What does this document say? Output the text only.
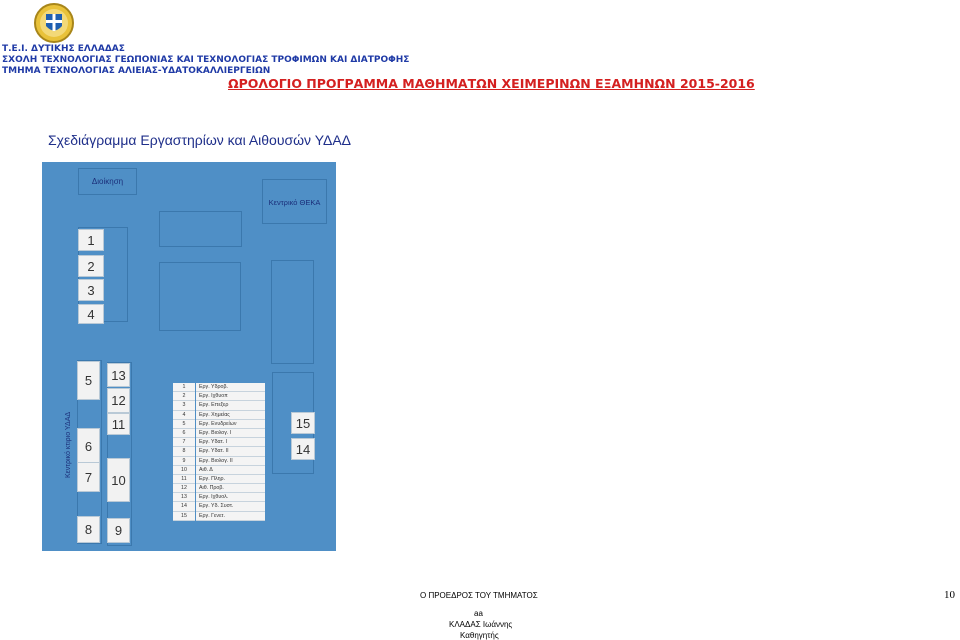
Τ.Ε.Ι. ΔΥΤΙΚΗΣ ΕΛΛΑΔΑΣ
ΣΧΟΛΗ ΤΕΧΝΟΛΟΓΙΑΣ ΓΕΩΠΟΝΙΑΣ ΚΑΙ ΤΕΧΝΟΛΟΓΙΑΣ ΤΡΟΦΙΜΩΝ ΚΑΙ ΔΙΑΤΡΟΦΗΣ
ΤΜΗΜΑ ΤΕΧΝΟΛΟΓΙΑΣ ΑΛΙΕΙΑΣ-ΥΔΑΤΟΚΑΛΛΙΕΡΓΕΙΩΝ
ΩΡΟΛΟΓΙΟ ΠΡΟΓΡΑΜΜΑ ΜΑΘΗΜΑΤΩΝ ΧΕΙΜΕΡΙΝΩΝ ΕΞΑΜΗΝΩΝ 2015-2016
Σχεδιάγραμμα Εργαστηρίων και Αιθουσών ΥΔΑΔ
Διοίκηση
Κεντρικό ΘΕΚΑ
1
2
3
4
15
14
Κεντρικό κτιριο ΥΔΑΔ
5
6
7
8
13
12
11
10
9
1	Εργ. Υδροβ.
2	Εργ. Ιχθυοπ
3	Εργ. Επεξερ
4	Εργ. Χημείας
5	Εργ. Ενυδρείων
6	Εργ. Βιολογ. Ι
7	Εργ. Υδατ. Ι
8	Εργ. Υδατ. ΙΙ
9	Εργ. Βιολογ. ΙΙ
10	Αιθ. Δ
11	Εργ. Πληρ.
12	Αιθ. Προβ.
13	Εργ. Ιχθυολ.
14	Εργ. Υδ. Συστ.
15	Εργ. Γενετ.
Ο ΠΡΟΕΔΡΟΣ ΤΟΥ ΤΜΗΜΑΤΟΣ
aa
ΚΛΑΔΑΣ Ιωάννης
Καθηγητής
10
